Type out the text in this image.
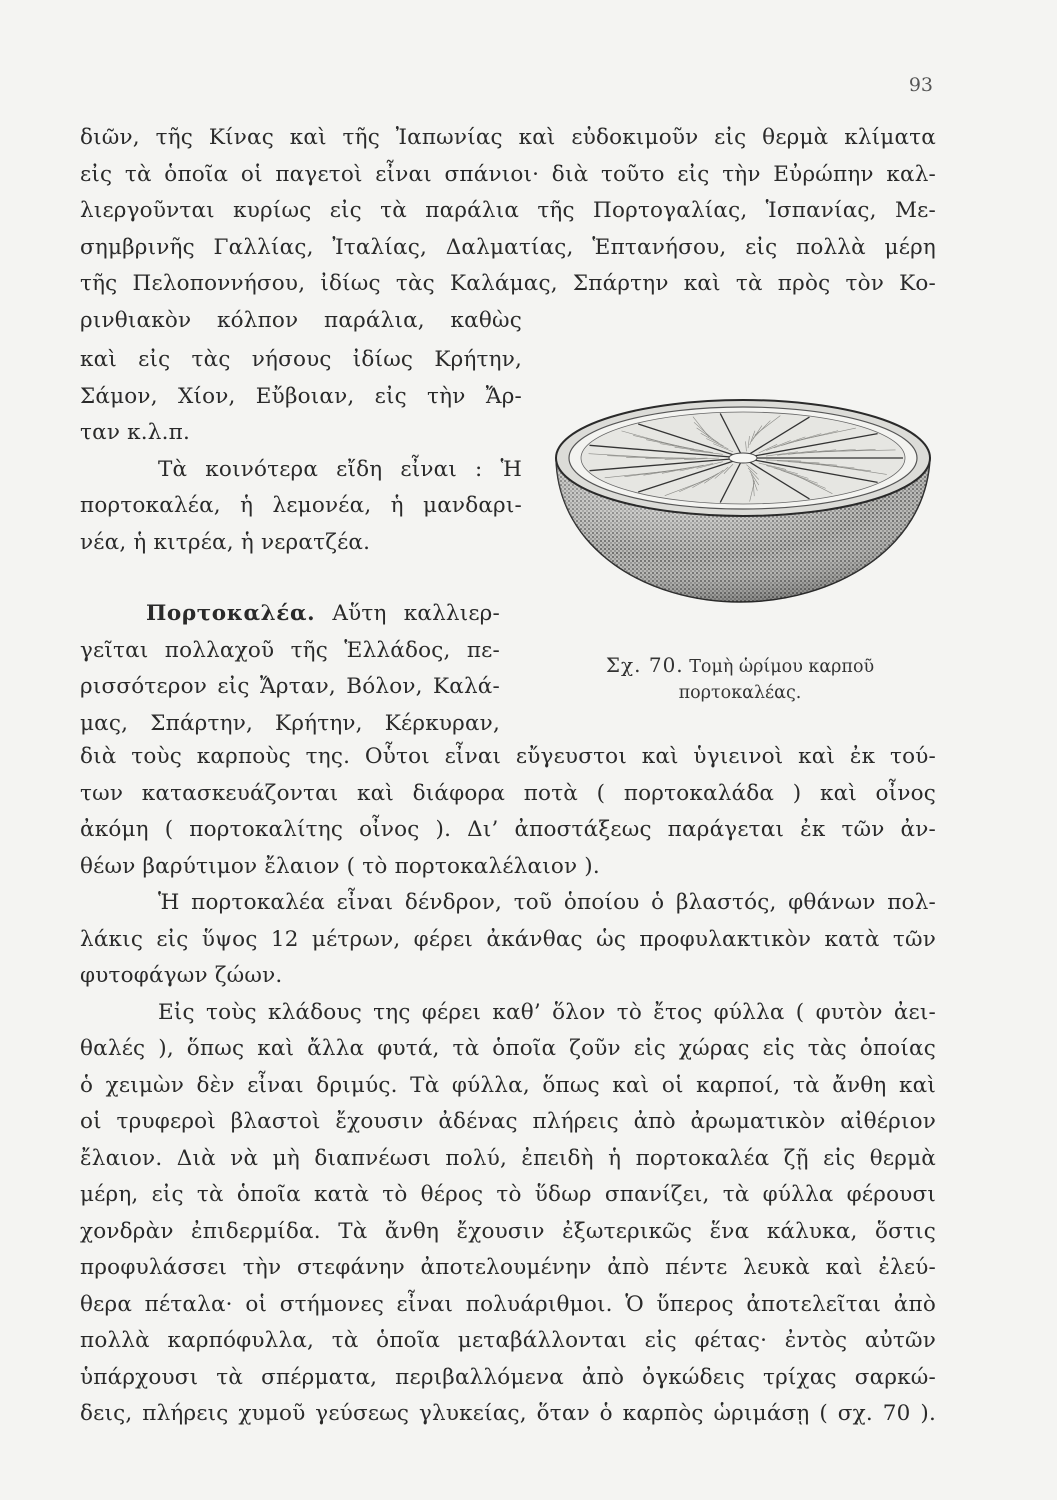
93
διῶν, τῆς Κίνας καὶ τῆς Ἰαπωνίας καὶ εὐδοκιμοῦν εἰς θερμὰ κλίματα
εἰς τὰ ὁποῖα οἱ παγετοὶ εἶναι σπάνιοι· διὰ τοῦτο εἰς τὴν Εὐρώπην καλ-
λιεργοῦνται κυρίως εἰς τὰ παράλια τῆς Πορτογαλίας, Ἱσπανίας, Με-
σημβρινῆς Γαλλίας, Ἰταλίας, Δαλματίας, Ἑπτανήσου, εἰς πολλὰ μέρη
τῆς Πελοποννήσου, ἰδίως τὰς Καλάμας, Σπάρτην καὶ τὰ πρὸς τὸν Κο-
ρινθιακὸν κόλπον παράλια, καθὼς
καὶ εἰς τὰς νήσους ἰδίως Κρήτην,
Σάμον, Χίον, Εὔβοιαν, εἰς τὴν Ἄρ-
ταν κ.λ.π.
Τὰ κοινότερα εἴδη εἶναι : Ἡ
πορτοκαλέα, ἡ λεμονέα, ἡ μανδαρι-
νέα, ἡ κιτρέα, ἡ νερατζέα.
Πορτοκαλέα. Αὕτη καλλιερ-
γεῖται πολλαχοῦ τῆς Ἑλλάδος, πε-
ρισσότερον εἰς Ἄρταν, Βόλον, Καλά-
μας, Σπάρτην, Κρήτην, Κέρκυραν,
Σχ. 70. Τομὴ ὡρίμου καρποῦ
πορτοκαλέας.
διὰ τοὺς καρποὺς της. Οὗτοι εἶναι εὔγευστοι καὶ ὑγιεινοὶ καὶ ἐκ τού-
των κατασκευάζονται καὶ διάφορα ποτὰ ( πορτοκαλάδα ) καὶ οἶνος
ἀκόμη ( πορτοκαλίτης οἶνος ). Δι’ ἀποστάξεως παράγεται ἐκ τῶν ἀν-
θέων βαρύτιμον ἔλαιον ( τὸ πορτοκαλέλαιον ).
Ἡ πορτοκαλέα εἶναι δένδρον, τοῦ ὁποίου ὁ βλαστός, φθάνων πολ-
λάκις εἰς ὕψος 12 μέτρων, φέρει ἀκάνθας ὡς προφυλακτικὸν κατὰ τῶν
φυτοφάγων ζώων.
Εἰς τοὺς κλάδους της φέρει καθ’ ὅλον τὸ ἔτος φύλλα ( φυτὸν ἀει-
θαλές ), ὅπως καὶ ἄλλα φυτά, τὰ ὁποῖα ζοῦν εἰς χώρας εἰς τὰς ὁποίας
ὁ χειμὼν δὲν εἶναι δριμύς. Τὰ φύλλα, ὅπως καὶ οἱ καρποί, τὰ ἄνθη καὶ
οἱ τρυφεροὶ βλαστοὶ ἔχουσιν ἀδένας πλήρεις ἀπὸ ἀρωματικὸν αἰθέριον
ἔλαιον. Διὰ νὰ μὴ διαπνέωσι πολύ, ἐπειδὴ ἡ πορτοκαλέα ζῇ εἰς θερμὰ
μέρη, εἰς τὰ ὁποῖα κατὰ τὸ θέρος τὸ ὕδωρ σπανίζει, τὰ φύλλα φέρουσι
χονδρὰν ἐπιδερμίδα. Τὰ ἄνθη ἔχουσιν ἐξωτερικῶς ἕνα κάλυκα, ὅστις
προφυλάσσει τὴν στεφάνην ἀποτελουμένην ἀπὸ πέντε λευκὰ καὶ ἐλεύ-
θερα πέταλα· οἱ στήμονες εἶναι πολυάριθμοι. Ὁ ὕπερος ἀποτελεῖται ἀπὸ
πολλὰ καρπόφυλλα, τὰ ὁποῖα μεταβάλλονται εἰς φέτας· ἐντὸς αὐτῶν
ὑπάρχουσι τὰ σπέρματα, περιβαλλόμενα ἀπὸ ὀγκώδεις τρίχας σαρκώ-
δεις, πλήρεις χυμοῦ γεύσεως γλυκείας, ὅταν ὁ καρπὸς ὡριμάσῃ ( σχ. 70 ).
